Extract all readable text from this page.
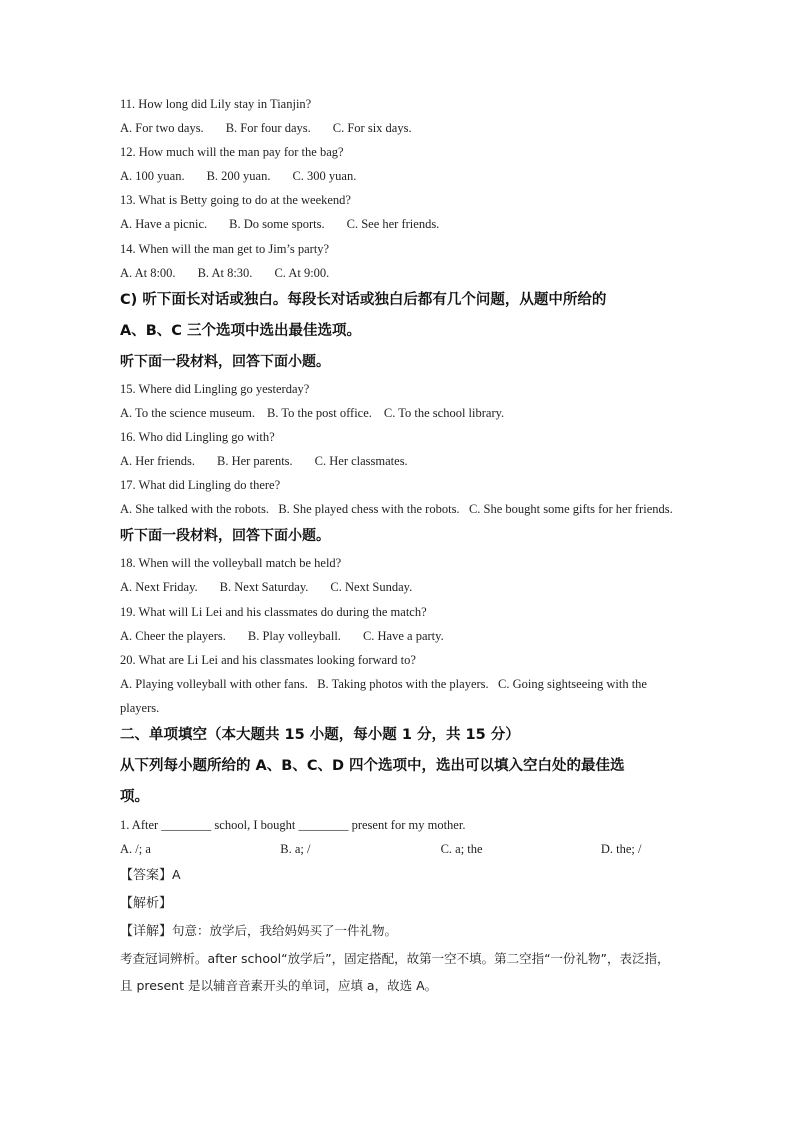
11. How long did Lily stay in Tianjin?
A. For two days. B. For four days. C. For six days.
12. How much will the man pay for the bag?
A. 100 yuan. B. 200 yuan. C. 300 yuan.
13. What is Betty going to do at the weekend?
A. Have a picnic. B. Do some sports. C. See her friends.
14. When will the man get to Jim’s party?
A. At 8:00. B. At 8:30. C. At 9:00.
C) 听下面长对话或独白。每段长对话或独白后都有几个问题，从题中所给的
A、B、C 三个选项中选出最佳选项。
听下面一段材料，回答下面小题。
15. Where did Lingling go yesterday?
A. To the science museum. B. To the post office. C. To the school library.
16. Who did Lingling go with?
A. Her friends. B. Her parents. C. Her classmates.
17. What did Lingling do there?
A. She talked with the robots. B. She played chess with the robots. C. She bought some gifts for her friends.
听下面一段材料，回答下面小题。
18. When will the volleyball match be held?
A. Next Friday. B. Next Saturday. C. Next Sunday.
19. What will Li Lei and his classmates do during the match?
A. Cheer the players. B. Play volleyball. C. Have a party.
20. What are Li Lei and his classmates looking forward to?
A. Playing volleyball with other fans. B. Taking photos with the players. C. Going sightseeing with the players.
二、单项填空（本大题共 15 小题，每小题 1 分，共 15 分）
从下列每小题所给的 A、B、C、D 四个选项中，选出可以填入空白处的最佳选
项。
1. After ________ school, I bought ________ present for my mother.
A. /; a	B. a; /	C. a; the	D. the; /
【答案】A
【解析】
【详解】句意：放学后，我给妈妈买了一件礼物。
考查冠词辨析。after school“放学后”，固定搭配，故第一空不填。第二空指“一份礼物”，表泛指，且 present 是以辅音音素开头的单词，应填 a，故选 A。
